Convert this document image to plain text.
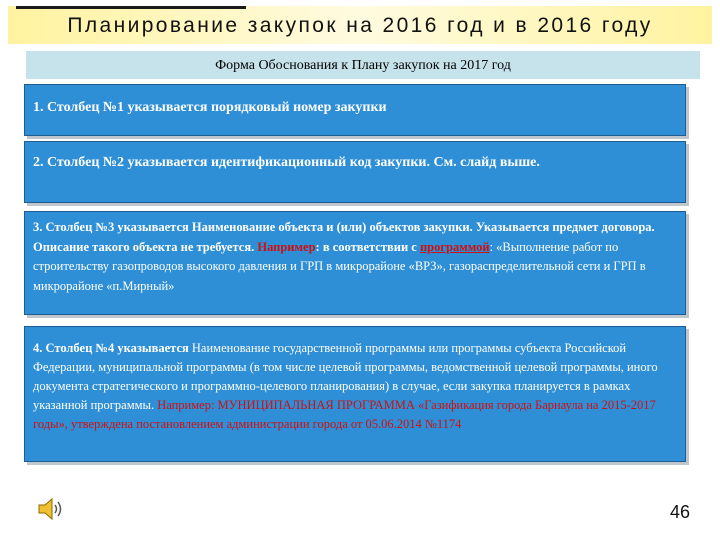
Планирование закупок на 2016 год и в 2016 году
Форма Обоснования к Плану закупок на 2017 год
1. Столбец №1 указывается порядковый номер закупки
2. Столбец №2 указывается идентификационный код закупки. См. слайд выше.
3. Столбец №3 указывается Наименование объекта и (или) объектов закупки. Указывается предмет договора. Описание такого объекта не требуется. Например: в соответствии с программой: «Выполнение работ по строительству газопроводов высокого давления и ГРП в микрорайоне «ВРЗ», газораспределительной сети и ГРП в микрорайоне «п.Мирный»
4. Столбец №4 указывается Наименование государственной программы или программы субъекта Российской Федерации, муниципальной программы (в том числе целевой программы, ведомственной целевой программы, иного документа стратегического и программно-целевого планирования) в случае, если закупка планируется в рамках указанной программы. Например: МУНИЦИПАЛЬНАЯ ПРОГРАММА «Газификация города Барнаула на 2015-2017 годы», утверждена постановлением администрации города от 05.06.2014 №1174
46
